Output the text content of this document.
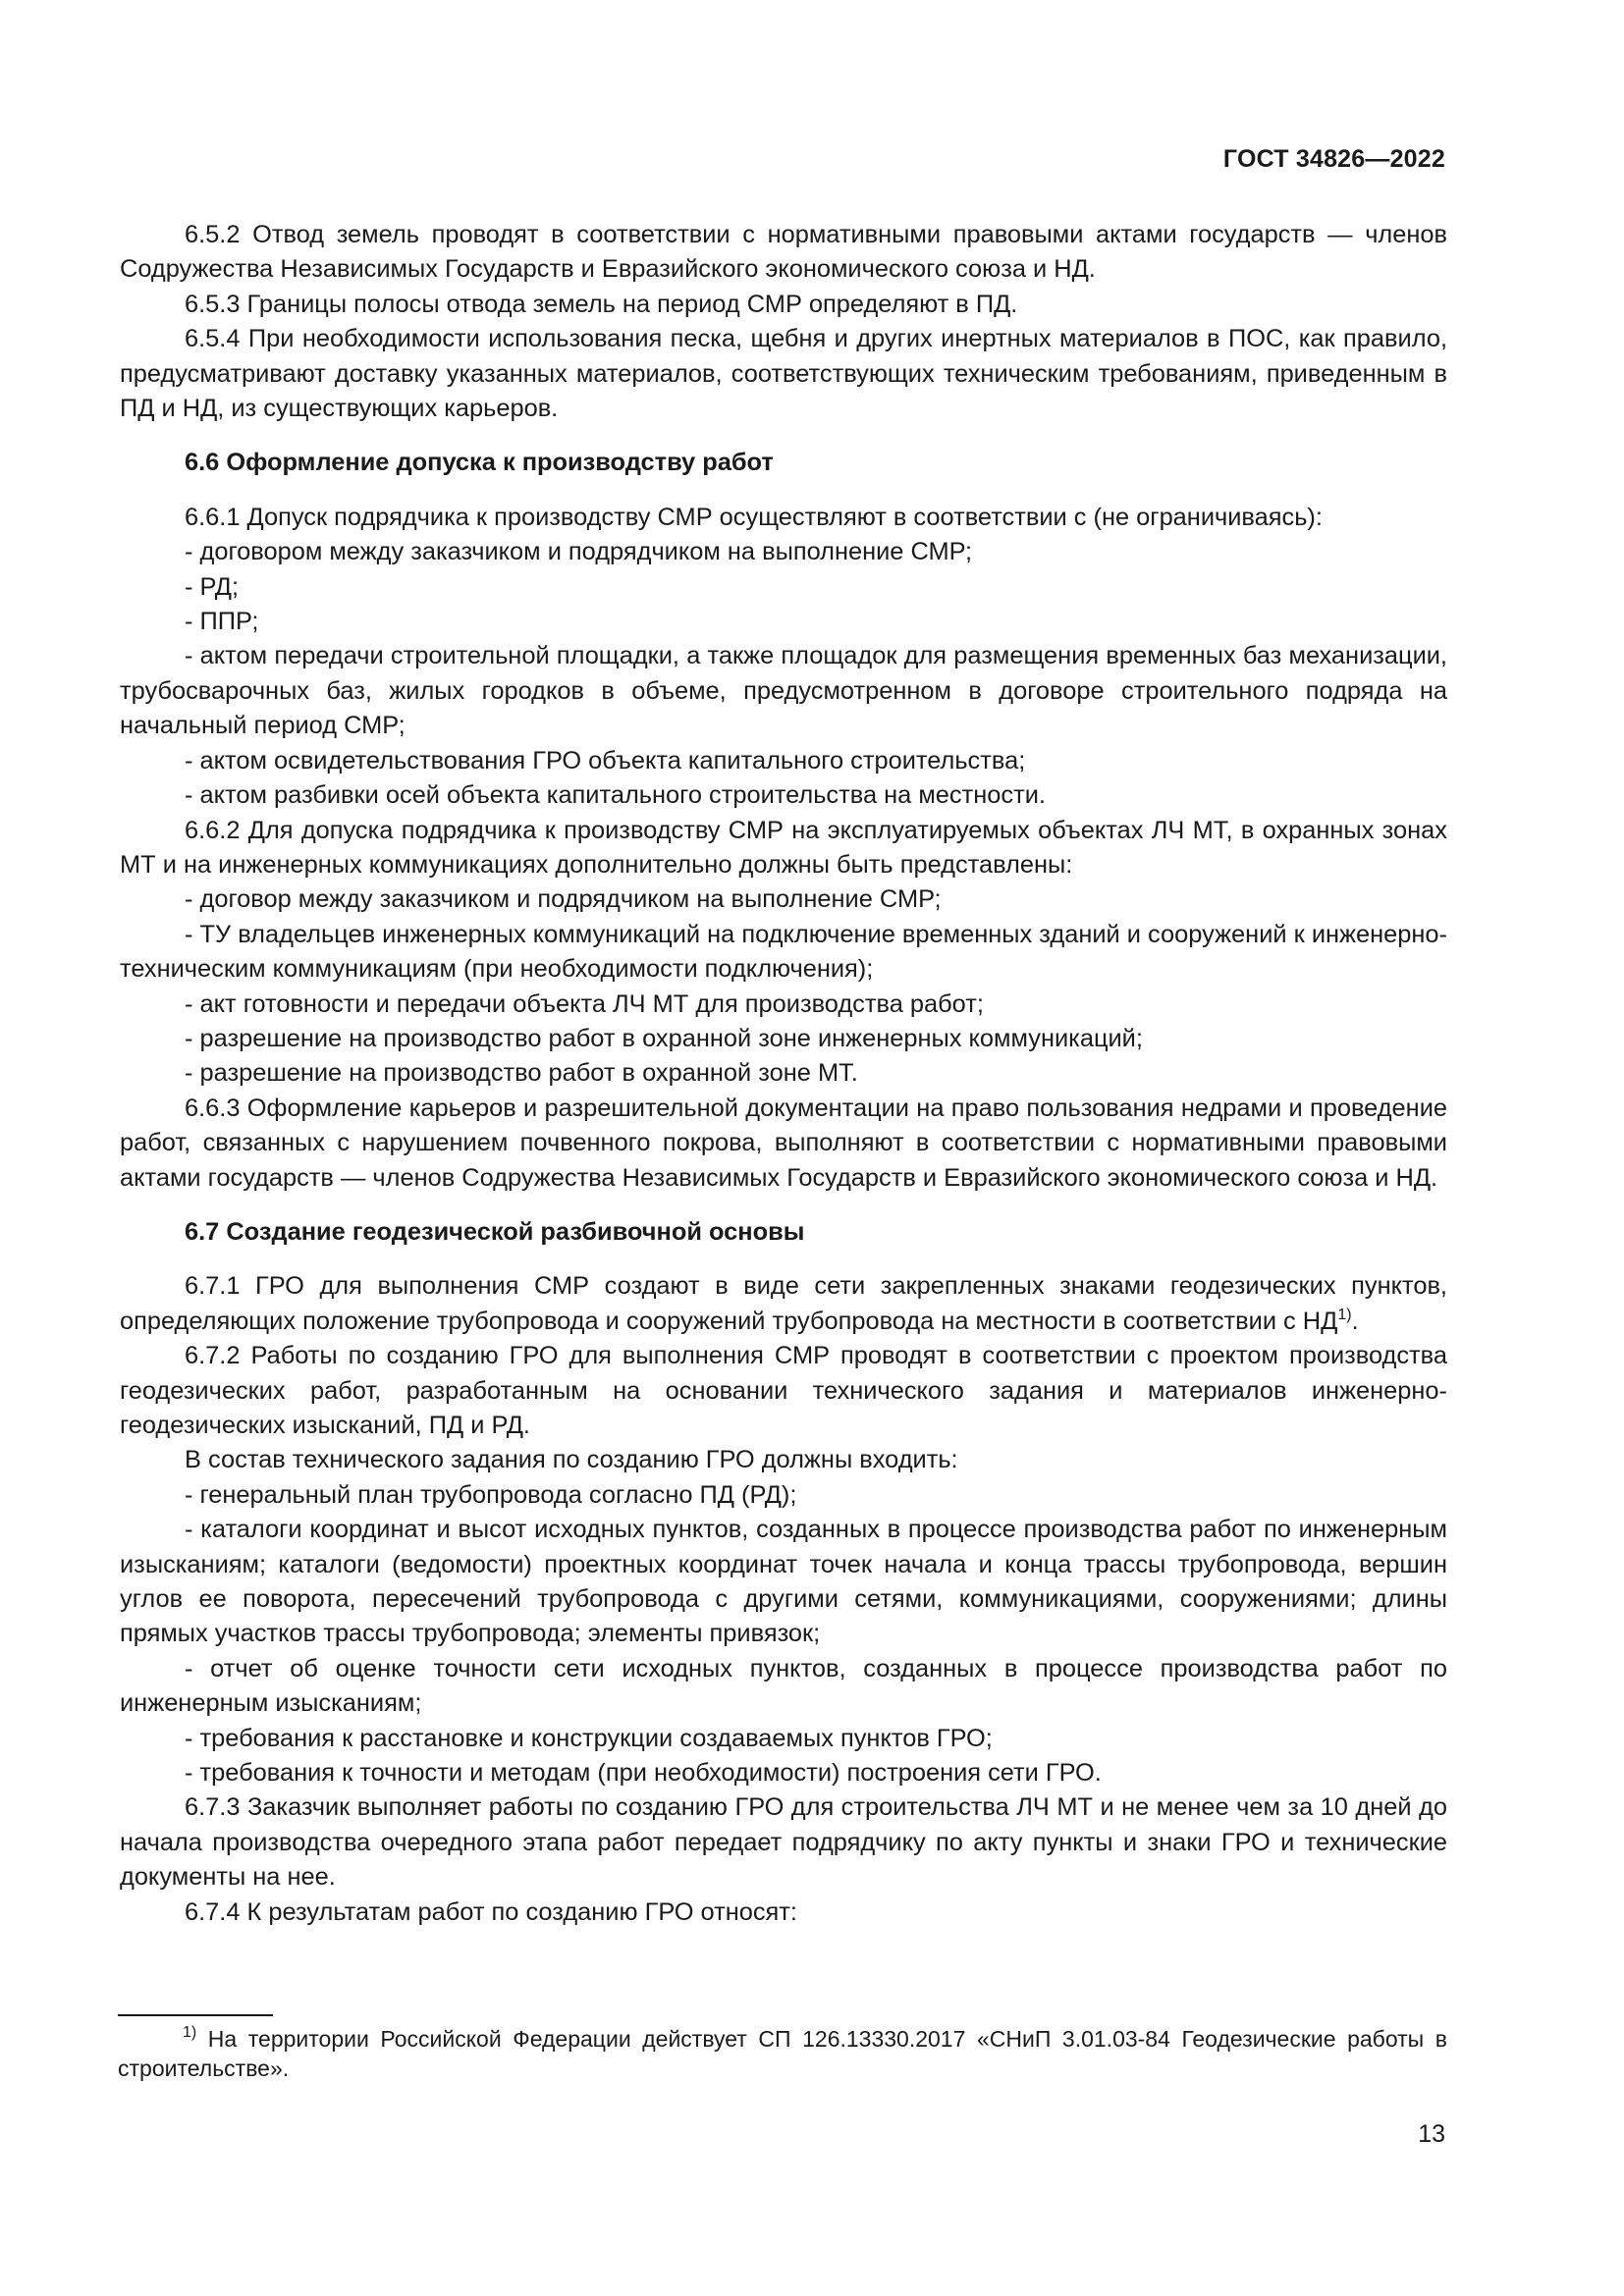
ГОСТ 34826—2022

6.5.2 Отвод земель проводят в соответствии с нормативными правовыми актами государств — членов Содружества Независимых Государств и Евразийского экономического союза и НД.

6.5.3 Границы полосы отвода земель на период СМР определяют в ПД.

6.5.4 При необходимости использования песка, щебня и других инертных материалов в ПОС, как правило, предусматривают доставку указанных материалов, соответствующих техническим требованиям, приведенным в ПД и НД, из существующих карьеров.

6.6 Оформление допуска к производству работ

6.6.1 Допуск подрядчика к производству СМР осуществляют в соответствии с (не ограничиваясь):

- договором между заказчиком и подрядчиком на выполнение СМР;

- РД;

- ППР;

- актом передачи строительной площадки, а также площадок для размещения временных баз механизации, трубосварочных баз, жилых городков в объеме, предусмотренном в договоре строительного подряда на начальный период СМР;

- актом освидетельствования ГРО объекта капитального строительства;

- актом разбивки осей объекта капитального строительства на местности.

6.6.2 Для допуска подрядчика к производству СМР на эксплуатируемых объектах ЛЧ МТ, в охранных зонах МТ и на инженерных коммуникациях дополнительно должны быть представлены:

- договор между заказчиком и подрядчиком на выполнение СМР;

- ТУ владельцев инженерных коммуникаций на подключение временных зданий и сооружений к инженерно-техническим коммуникациям (при необходимости подключения);

- акт готовности и передачи объекта ЛЧ МТ для производства работ;

- разрешение на производство работ в охранной зоне инженерных коммуникаций;

- разрешение на производство работ в охранной зоне МТ.

6.6.3 Оформление карьеров и разрешительной документации на право пользования недрами и проведение работ, связанных с нарушением почвенного покрова, выполняют в соответствии с нормативными правовыми актами государств — членов Содружества Независимых Государств и Евразийского экономического союза и НД.

6.7 Создание геодезической разбивочной основы

6.7.1 ГРО для выполнения СМР создают в виде сети закрепленных знаками геодезических пунктов, определяющих положение трубопровода и сооружений трубопровода на местности в соответствии с НД$^{1)}$.

6.7.2 Работы по созданию ГРО для выполнения СМР проводят в соответствии с проектом производства геодезических работ, разработанным на основании технического задания и материалов инженерно-геодезических изысканий, ПД и РД.

В состав технического задания по созданию ГРО должны входить:

- генеральный план трубопровода согласно ПД (РД);

- каталоги координат и высот исходных пунктов, созданных в процессе производства работ по инженерным изысканиям; каталоги (ведомости) проектных координат точек начала и конца трассы трубопровода, вершин углов ее поворота, пересечений трубопровода с другими сетями, коммуникациями, сооружениями; длины прямых участков трассы трубопровода; элементы привязок;

- отчет об оценке точности сети исходных пунктов, созданных в процессе производства работ по инженерным изысканиям;

- требования к расстановке и конструкции создаваемых пунктов ГРО;

- требования к точности и методам (при необходимости) построения сети ГРО.

6.7.3 Заказчик выполняет работы по созданию ГРО для строительства ЛЧ МТ и не менее чем за 10 дней до начала производства очередного этапа работ передает подрядчику по акту пункты и знаки ГРО и технические документы на нее.

6.7.4 К результатам работ по созданию ГРО относят:

$^{1)}$ На территории Российской Федерации действует СП 126.13330.2017 «СНиП 3.01.03-84 Геодезические работы в строительстве».
13
